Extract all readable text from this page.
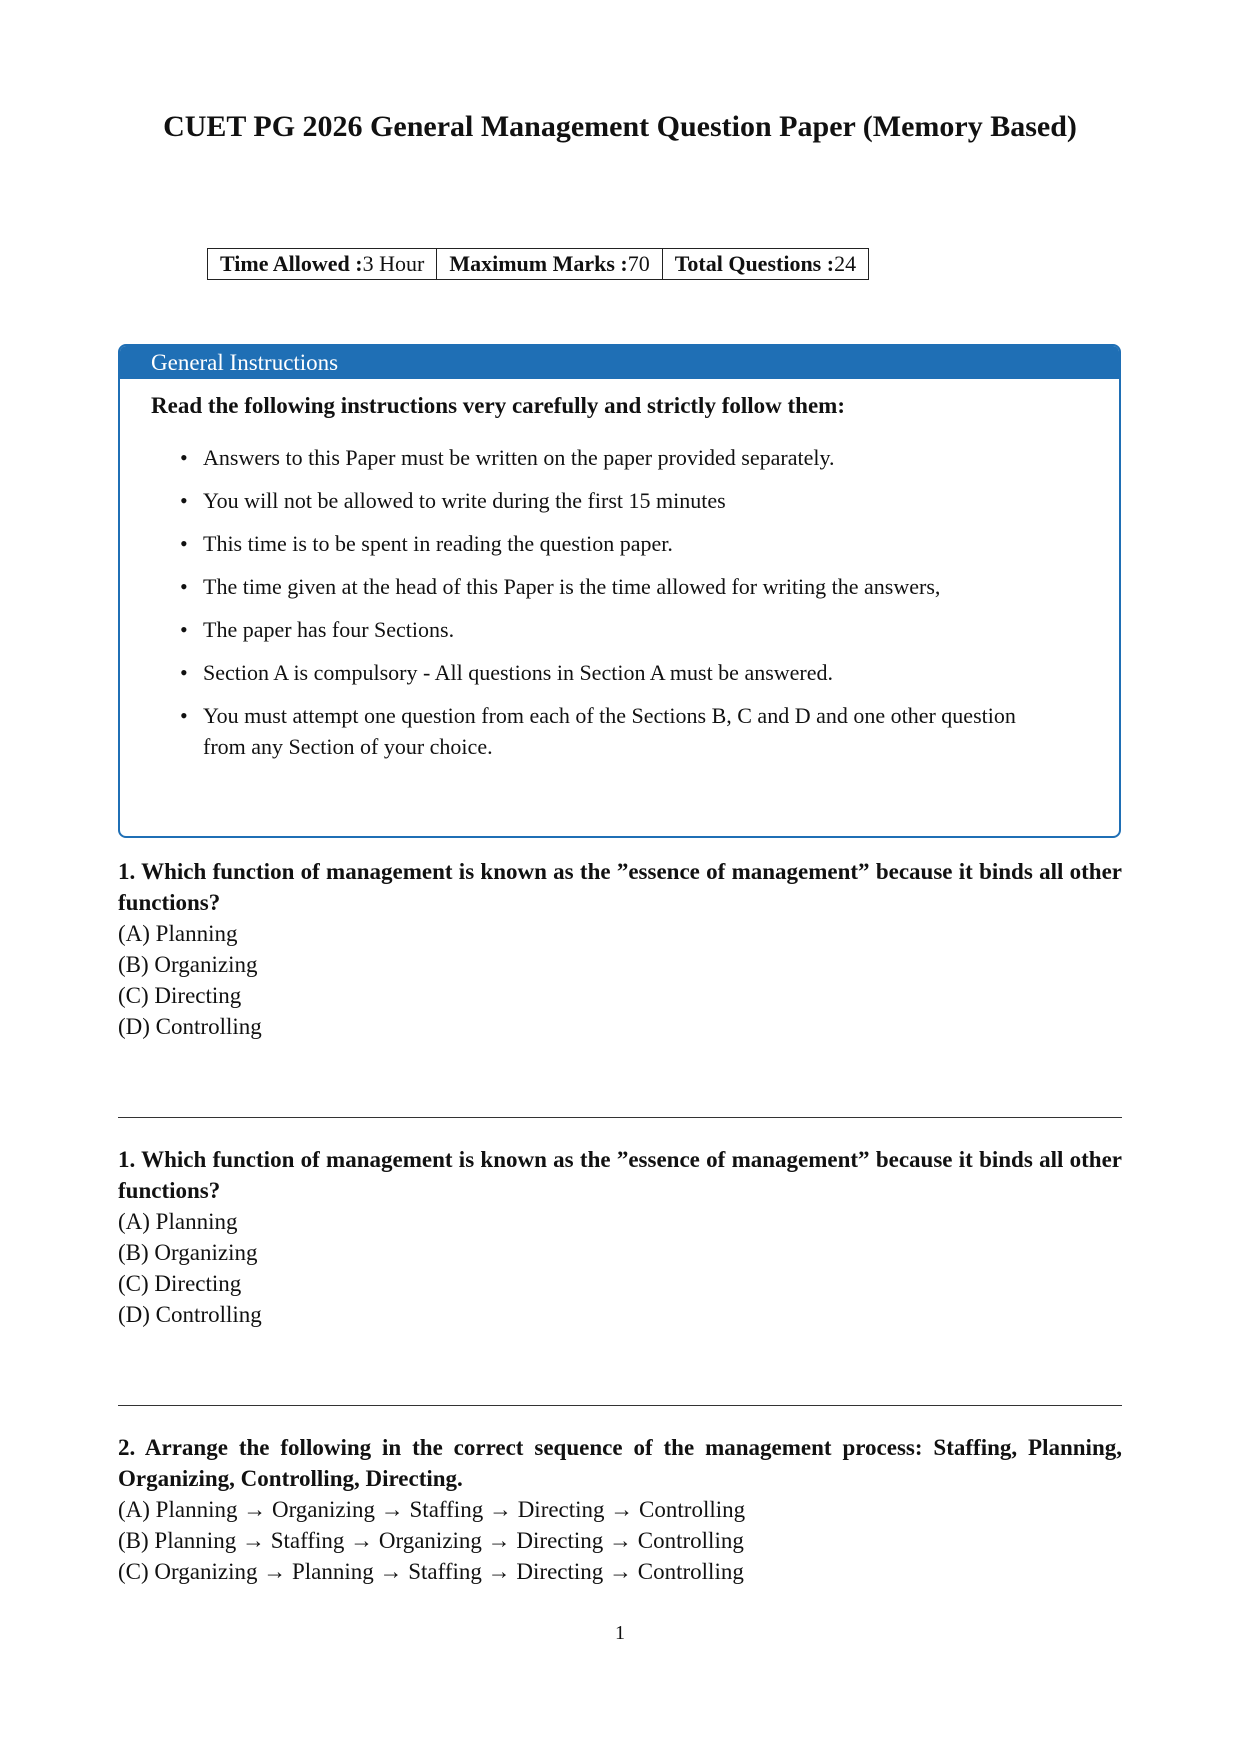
CUET PG 2026 General Management Question Paper (Memory Based)
Time Allowed :3 Hour	Maximum Marks :70	Total Questions :24
General Instructions
Read the following instructions very carefully and strictly follow them:
• Answers to this Paper must be written on the paper provided separately.
• You will not be allowed to write during the first 15 minutes
• This time is to be spent in reading the question paper.
• The time given at the head of this Paper is the time allowed for writing the answers,
• The paper has four Sections.
• Section A is compulsory - All questions in Section A must be answered.
• You must attempt one question from each of the Sections B, C and D and one other question from any Section of your choice.
1. Which function of management is known as the ”essence of management” because it binds all other functions?
(A) Planning
(B) Organizing
(C) Directing
(D) Controlling
1. Which function of management is known as the ”essence of management” because it binds all other functions?
(A) Planning
(B) Organizing
(C) Directing
(D) Controlling
2. Arrange the following in the correct sequence of the management process: Staffing, Planning, Organizing, Controlling, Directing.
(A) Planning → Organizing → Staffing → Directing → Controlling
(B) Planning → Staffing → Organizing → Directing → Controlling
(C) Organizing → Planning → Staffing → Directing → Controlling
1
